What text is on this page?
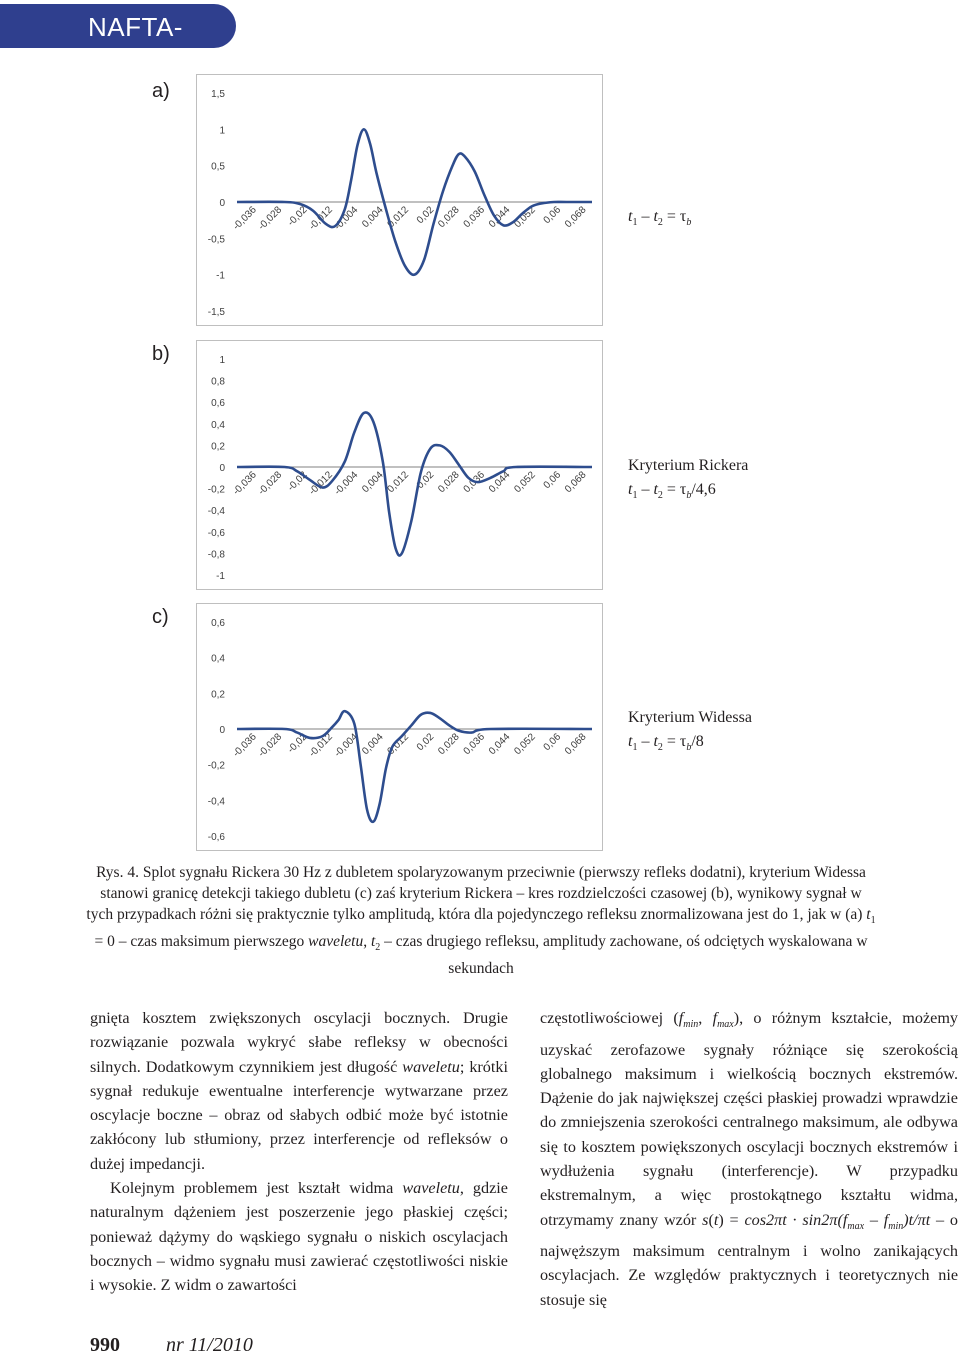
NAFTA-GAZ
a)	1,5
1
0,5
0
-0,5
-1
-1,5
-0,036
-0,028 -0,02
-0,012
-0,004 0,004 0,012 0,02 0,028 0,036 0,044 0,052 0,06 0,068 $t_1 - t_2 = \tau_b$
b)	1
0,8
0,6
0,4
0,2
0
-0,2
-0,4
-0,6
-0,8
-1
-0,036
-0,028 -0,02
-0,012
-0,004 0,004 0,012 0,02 0,028 0,036 0,044 0,052 0,06 0,068
Kryterium Rickera
$t_1 - t_2 = \tau_b/4,6$
c)	0,6
0,4
0,2
0
-0,2
-0,4
-0,6
-0,036
-0,028 -0,02
-0,012
-0,004 0,004 0,012 0,02 0,028 0,036 0,044 0,052 0,06 0,068
Kryterium Widessa
$t_1 - t_2 = \tau_b/8$
Rys. 4. Splot sygnału Rickera 30 Hz z dubletem spolaryzowanym przeciwnie (pierwszy refleks dodatni), kryterium Widessa stanowi granicę detekcji takiego dubletu (c) zaś kryterium Rickera – kres rozdzielczości czasowej (b), wynikowy sygnał w tych przypadkach różni się praktycznie tylko amplitudą, która dla pojedynczego refleksu znormalizowana jest do 1, jak w (a) $t_1 = 0$ – czas maksimum pierwszego waveletu, $t_2$ – czas drugiego refleksu, amplitudy zachowane, oś odciętych wyskalowana w sekundach

gnięta kosztem zwiększonych oscylacji bocznych. Drugie rozwiązanie pozwala wykryć słabe refleksy w obecności silnych. Dodatkowym czynnikiem jest długość waveletu; krótki sygnał redukuje ewentualne interferencje wytwarzane przez oscylacje boczne – obraz od słabych odbić może być istotnie zakłócony lub stłumiony, przez interferencje od refleksów o dużej impedancji.

Kolejnym problemem jest kształt widma waveletu, gdzie naturalnym dążeniem jest poszerzenie jego płaskiej części; ponieważ dążymy do wąskiego sygnału o niskich oscylacjach bocznych – widmo sygnału musi zawierać częstotliwości niskie i wysokie. Z widm o zawartości

częstotliwościowej ($f_{min}$, $f_{max}$), o różnym kształcie, możemy uzyskać zerofazowe sygnały różniące się szerokością globalnego maksimum i wielkością bocznych ekstremów. Dążenie do jak największej części płaskiej prowadzi wprawdzie do zmniejszenia szerokości centralnego maksimum, ale odbywa się to kosztem powiększonych oscylacji bocznych ekstremów i wydłużenia sygnału (interferencje). W przypadku ekstremalnym, a więc prostokątnego kształtu widma, otrzymamy znany wzór $s(t) = \cos 2\pi t \cdot \sin 2\pi(f_{max} - f_{min})t/\pi t - o$ najwęższym maksimum centralnym i wolno zanikających oscylacjach. Ze względów praktycznych i teoretycznych nie stosuje się

990 nr 11/2010
